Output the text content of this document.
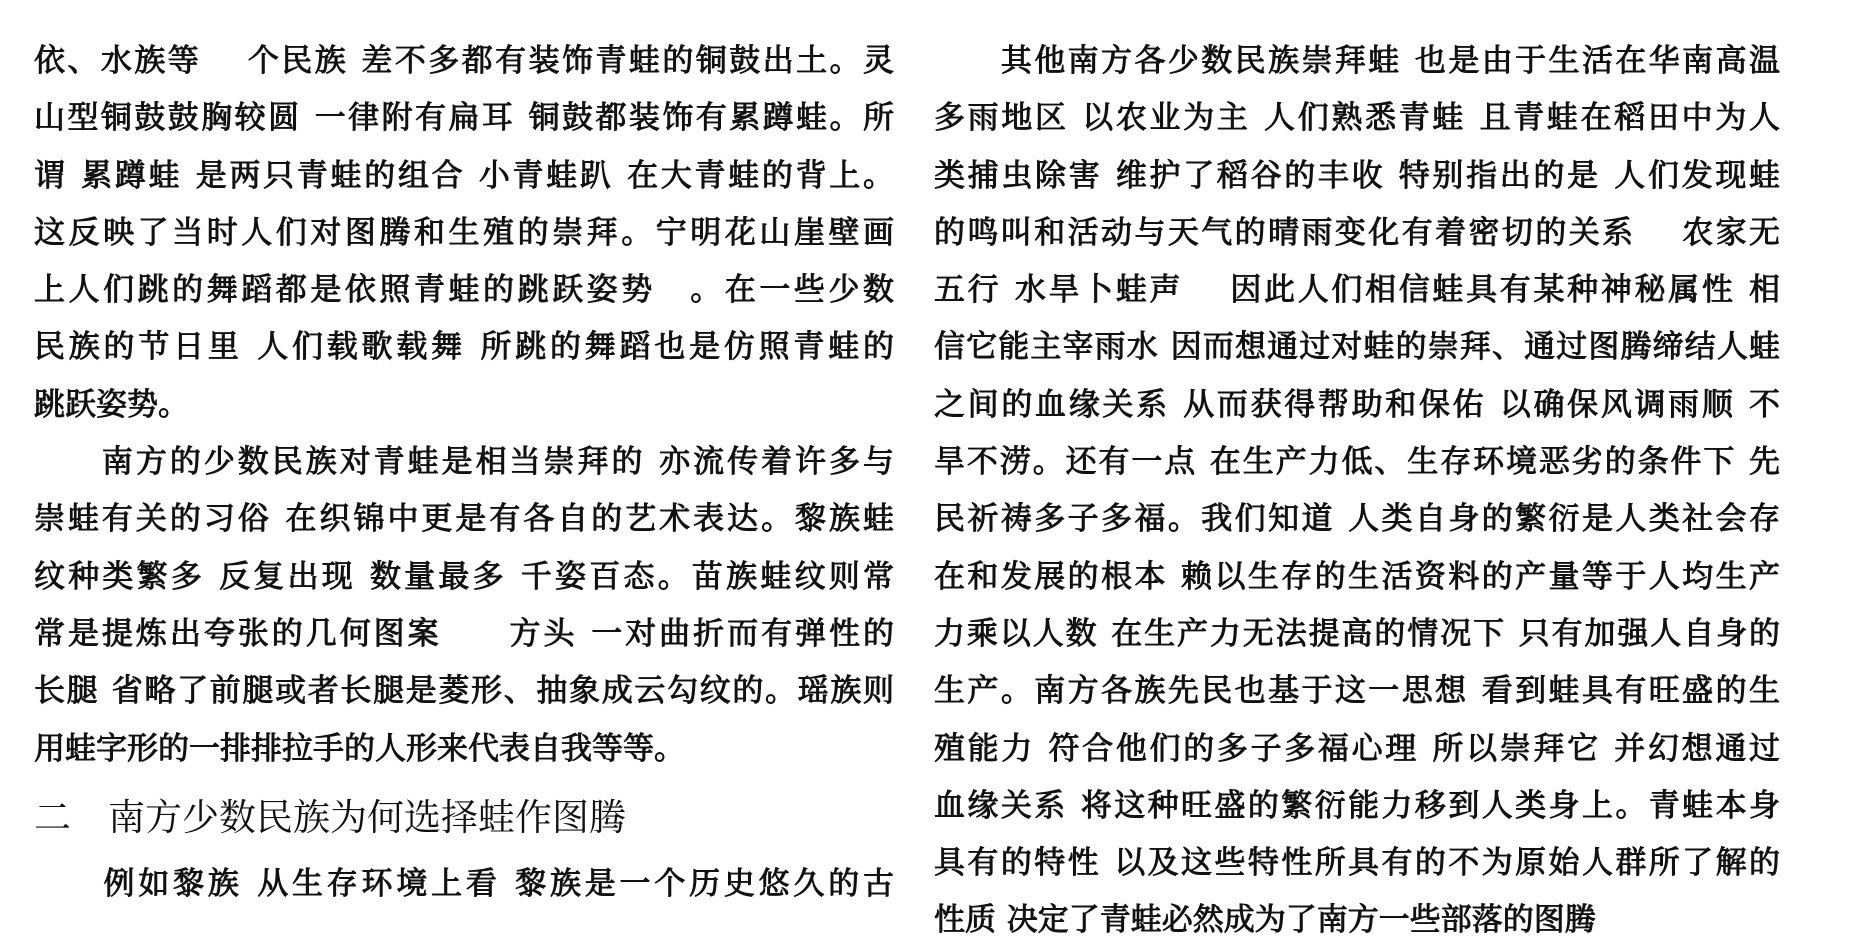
依、水族等　 个民族 差不多都有装饰青蛙的铜鼓出土。灵
山型铜鼓鼓胸较圆 一律附有扁耳 铜鼓都装饰有累蹲蛙。所
谓 累蹲蛙 是两只青蛙的组合 小青蛙趴 在大青蛙的背上。
这反映了当时人们对图腾和生殖的崇拜。宁明花山崖壁画
上人们跳的舞蹈都是依照青蛙的跳跃姿势　。在一些少数
民族的节日里 人们载歌载舞 所跳的舞蹈也是仿照青蛙的
跳跃姿势。
　　南方的少数民族对青蛙是相当崇拜的 亦流传着许多与
崇蛙有关的习俗 在织锦中更是有各自的艺术表达。黎族蛙
纹种类繁多 反复出现 数量最多 千姿百态。苗族蛙纹则常
常是提炼出夸张的几何图案　　方头 一对曲折而有弹性的
长腿 省略了前腿或者长腿是菱形、抽象成云勾纹的。瑶族则
用蛙字形的一排排拉手的人形来代表自我等等。
二　南方少数民族为何选择蛙作图腾
　　例如黎族 从生存环境上看 黎族是一个历史悠久的古
　　其他南方各少数民族崇拜蛙 也是由于生活在华南高温
多雨地区 以农业为主 人们熟悉青蛙 且青蛙在稻田中为人
类捕虫除害 维护了稻谷的丰收 特别指出的是 人们发现蛙
的鸣叫和活动与天气的晴雨变化有着密切的关系　 农家无
五行 水旱卜蛙声　 因此人们相信蛙具有某种神秘属性 相
信它能主宰雨水 因而想通过对蛙的崇拜、通过图腾缔结人蛙
之间的血缘关系 从而获得帮助和保佑 以确保风调雨顺 不
旱不涝。还有一点 在生产力低、生存环境恶劣的条件下 先
民祈祷多子多福。我们知道 人类自身的繁衍是人类社会存
在和发展的根本 赖以生存的生活资料的产量等于人均生产
力乘以人数 在生产力无法提高的情况下 只有加强人自身的
生产。南方各族先民也基于这一思想 看到蛙具有旺盛的生
殖能力 符合他们的多子多福心理 所以崇拜它 并幻想通过
血缘关系 将这种旺盛的繁衍能力移到人类身上。青蛙本身
具有的特性 以及这些特性所具有的不为原始人群所了解的
性质 决定了青蛙必然成为了南方一些部落的图腾
